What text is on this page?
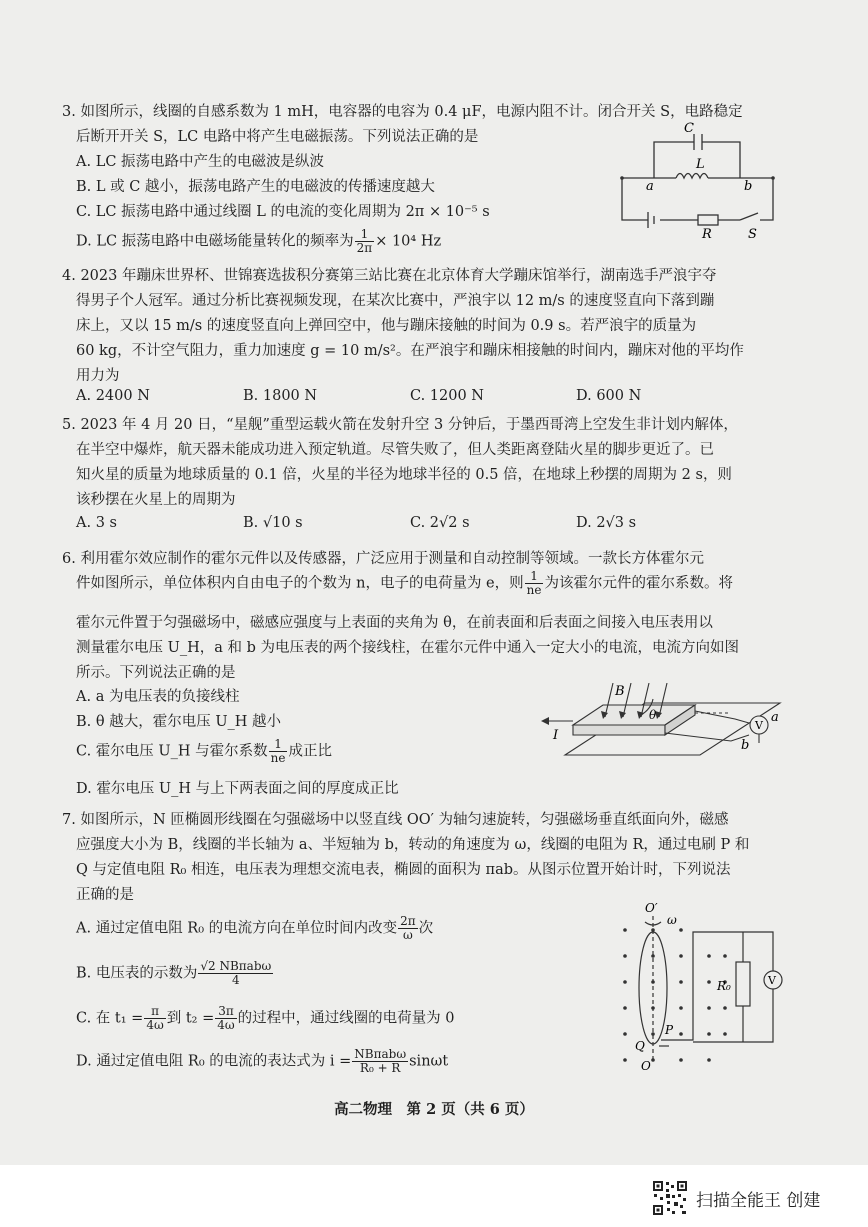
3. 如图所示，线圈的自感系数为 1 mH，电容器的电容为 0.4 μF，电源内阻不计。闭合开关 S，电路稳定
后断开开关 S，LC 电路中将产生电磁振荡。下列说法正确的是
A. LC 振荡电路中产生的电磁波是纵波
B. L 或 C 越小，振荡电路产生的电磁波的传播速度越大
C. LC 振荡电路中通过线圈 L 的电流的变化周期为 2π × 10⁻⁵ s
D. LC 振荡电路中电磁场能量转化的频率为 $\frac{1}{2\pi} \times 10^4$ Hz
C
L
a	b
R	S
4. 2023 年蹦床世界杯、世锦赛选拔积分赛第三站比赛在北京体育大学蹦床馆举行，湖南选手严浪宇夺
得男子个人冠军。通过分析比赛视频发现，在某次比赛中，严浪宇以 12 m/s 的速度竖直向下落到蹦
床上，又以 15 m/s 的速度竖直向上弹回空中，他与蹦床接触的时间为 0.9 s。若严浪宇的质量为
60 kg，不计空气阻力，重力加速度 g = 10 m/s²。在严浪宇和蹦床相接触的时间内，蹦床对他的平均作
用力为
A. 2400 N	B. 1800 N	C. 1200 N	D. 600 N
5. 2023 年 4 月 20 日，“星舰”重型运载火箭在发射升空 3 分钟后，于墨西哥湾上空发生非计划内解体，
在半空中爆炸，航天器未能成功进入预定轨道。尽管失败了，但人类距离登陆火星的脚步更近了。已
知火星的质量为地球质量的 0.1 倍，火星的半径为地球半径的 0.5 倍，在地球上秒摆的周期为 2 s，则
该秒摆在火星上的周期为
A. 3 s	B. √10 s	C. 2√2 s	D. 2√3 s
6. 利用霍尔效应制作的霍尔元件以及传感器，广泛应用于测量和自动控制等领域。一款长方体霍尔元
件如图所示，单位体积内自由电子的个数为 n，电子的电荷量为 e，则 $\frac{1}{ne}$ 为该霍尔元件的霍尔系数。将
霍尔元件置于匀强磁场中，磁感应强度与上表面的夹角为 θ，在前表面和后表面之间接入电压表用以
测量霍尔电压 U_H，a 和 b 为电压表的两个接线柱，在霍尔元件中通入一定大小的电流，电流方向如图
所示。下列说法正确的是
A. a 为电压表的负接线柱
B. θ 越大，霍尔电压 U_H 越小
C. 霍尔电压 U_H 与霍尔系数 $\frac{1}{ne}$ 成正比
D. 霍尔电压 U_H 与上下两表面之间的厚度成正比
V
B
θ
I
a
b
7. 如图所示，N 匝椭圆形线圈在匀强磁场中以竖直线 OO′ 为轴匀速旋转，匀强磁场垂直纸面向外，磁感
应强度大小为 B，线圈的半长轴为 a、半短轴为 b，转动的角速度为 ω，线圈的电阻为 R，通过电刷 P 和
Q 与定值电阻 R₀ 相连，电压表为理想交流电表，椭圆的面积为 πab。从图示位置开始计时，下列说法
正确的是
A. 通过定值电阻 R₀ 的电流方向在单位时间内改变 $\frac{2\pi}{\omega}$ 次
B. 电压表的示数为 $\frac{\text{√2 NBπabω}}{4}$
C. 在 $t_1 = \frac{\pi}{4\omega}$ 到 $t_2 = \frac{3\pi}{4\omega}$ 的过程中，通过线圈的电荷量为 0
D. 通过定值电阻 R₀ 的电流的表达式为 $i = \frac{\text{NBπabω}}{\text{R₀ + R}}$ sinωt
V
O′
ω
R₀
Q
P
O
高二物理　第 2 页（共 6 页）
扫描全能王 创建
